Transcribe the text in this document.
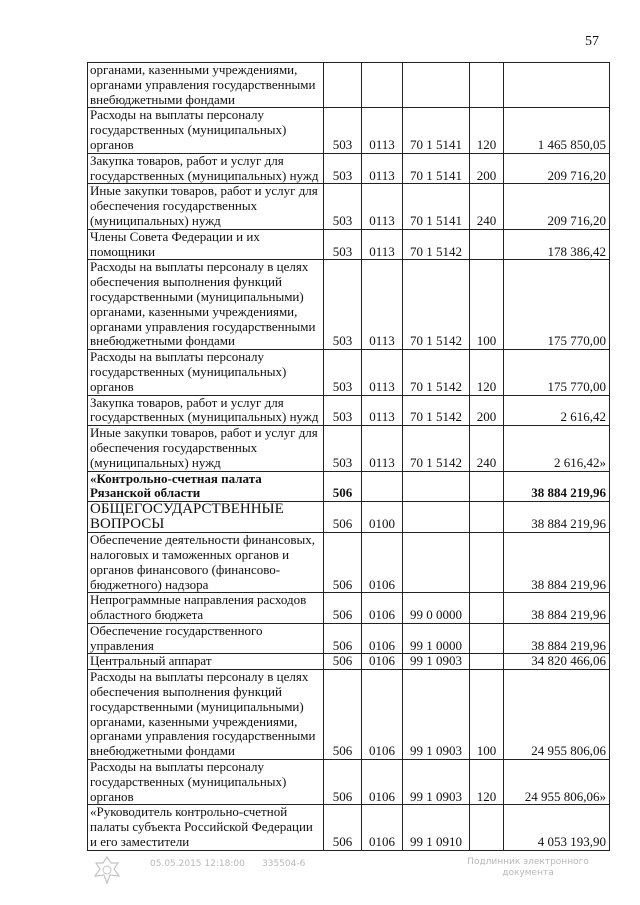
57
органами, казенными учреждениями, органами управления государственными внебюджетными фондами					
Расходы на выплаты персоналу государственных (муниципальных) органов	503	0113	70 1 5141	120	1 465 850,05
Закупка товаров, работ и услуг для государственных (муниципальных) нужд	503	0113	70 1 5141	200	209 716,20
Иные закупки товаров, работ и услуг для обеспечения государственных (муниципальных) нужд	503	0113	70 1 5141	240	209 716,20
Члены Совета Федерации и их помощники	503	0113	70 1 5142		178 386,42
Расходы на выплаты персоналу в целях обеспечения выполнения функций государственными (муниципальными) органами, казенными учреждениями, органами управления государственными внебюджетными фондами	503	0113	70 1 5142	100	175 770,00
Расходы на выплаты персоналу государственных (муниципальных) органов	503	0113	70 1 5142	120	175 770,00
Закупка товаров, работ и услуг для государственных (муниципальных) нужд	503	0113	70 1 5142	200	2 616,42
Иные закупки товаров, работ и услуг для обеспечения государственных (муниципальных) нужд	503	0113	70 1 5142	240	2 616,42»
«Контрольно-счетная палата Рязанской области	506				38 884 219,96
ОБЩЕГОСУДАРСТВЕННЫЕ ВОПРОСЫ	506	0100			38 884 219,96
Обеспечение деятельности финансовых, налоговых и таможенных органов и органов финансового (финансово-бюджетного) надзора	506	0106			38 884 219,96
Непрограммные направления расходов областного бюджета	506	0106	99 0 0000		38 884 219,96
Обеспечение государственного управления	506	0106	99 1 0000		38 884 219,96
Центральный аппарат	506	0106	99 1 0903		34 820 466,06
Расходы на выплаты персоналу в целях обеспечения выполнения функций государственными (муниципальными) органами, казенными учреждениями, органами управления государственными внебюджетными фондами	506	0106	99 1 0903	100	24 955 806,06
Расходы на выплаты персоналу государственных (муниципальных) органов	506	0106	99 1 0903	120	24 955 806,06»
«Руководитель контрольно-счетной палаты субъекта Российской Федерации и его заместители	506	0106	99 1 0910		4 053 193,90
05.05.2015 12:18:00 335504-6	Подлинник электронного документа
